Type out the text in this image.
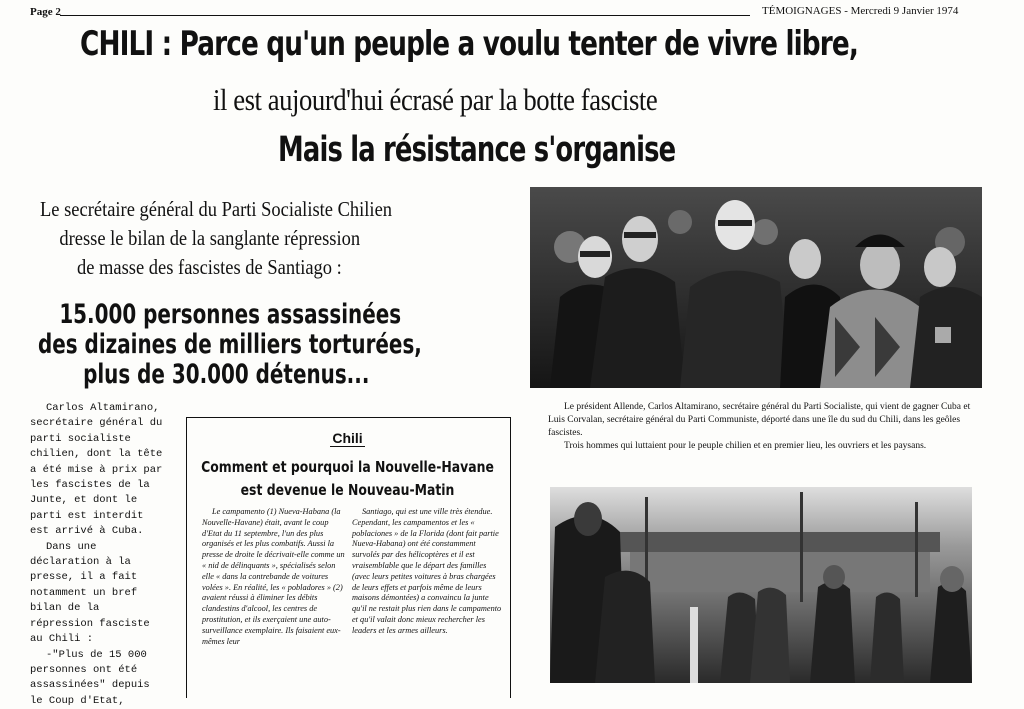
Page 2	TÉMOIGNAGES - Mercredi 9 Janvier 1974
CHILI : Parce qu'un peuple a voulu tenter de vivre libre,
il est aujourd'hui écrasé par la botte fasciste
Mais la résistance s'organise
Le secrétaire général du Parti Socialiste Chilien
dresse le bilan de la sanglante répression
de masse des fascistes de Santiago :
15.000 personnes assassinées
des dizaines de milliers torturées,
plus de 30.000 détenus...

Le président Allende, Carlos Altamirano, secrétaire général du Parti Socialiste, qui vient de gagner Cuba et Luis Corvalan, secrétaire général du Parti Communiste, déporté dans une île du sud du Chili, dans les geôles fascistes.

Trois hommes qui luttaient pour le peuple chilien et en premier lieu, les ouvriers et les paysans.

Carlos Altamirano, secrétaire général du parti socialiste chilien, dont la tête a été mise à prix par les fascistes de la Junte, et dont le parti est interdit est arrivé à Cuba.

Dans une déclaration à la presse, il a fait notamment un bref bilan de la répression fasciste au Chili :

-"Plus de 15 000 personnes ont été assassinées" depuis le Coup d'Etat,

Chili
Comment et pourquoi la Nouvelle-Havane
est devenue le Nouveau-Matin

Le campamento (1) Nueva-Habana (la Nouvelle-Havane) était, avant le coup d'Etat du 11 septembre, l'un des plus organisés et les plus combatifs. Aussi la presse de droite le décrivait-elle comme un « nid de délinquants », spécialisés selon elle « dans la contrebande de voitures volées ». En réalité, les « pobladores » (2) avaient réussi à éliminer les débits clandestins d'alcool, les centres de prostitution, et ils exerçaient une auto-surveillance exemplaire. Ils faisaient eux-mêmes leur

Santiago, qui est une ville très étendue. Cependant, les campamentos et les « poblaciones » de la Florida (dont fait partie Nueva-Habana) ont été constamment survolés par des hélicoptères et il est vraisemblable que le départ des familles (avec leurs petites voitures à bras chargées de leurs effets et parfois même de leurs maisons démontées) a convaincu la junte qu'il ne restait plus rien dans le campamento et qu'il valait donc mieux rechercher les leaders et les armes ailleurs.
